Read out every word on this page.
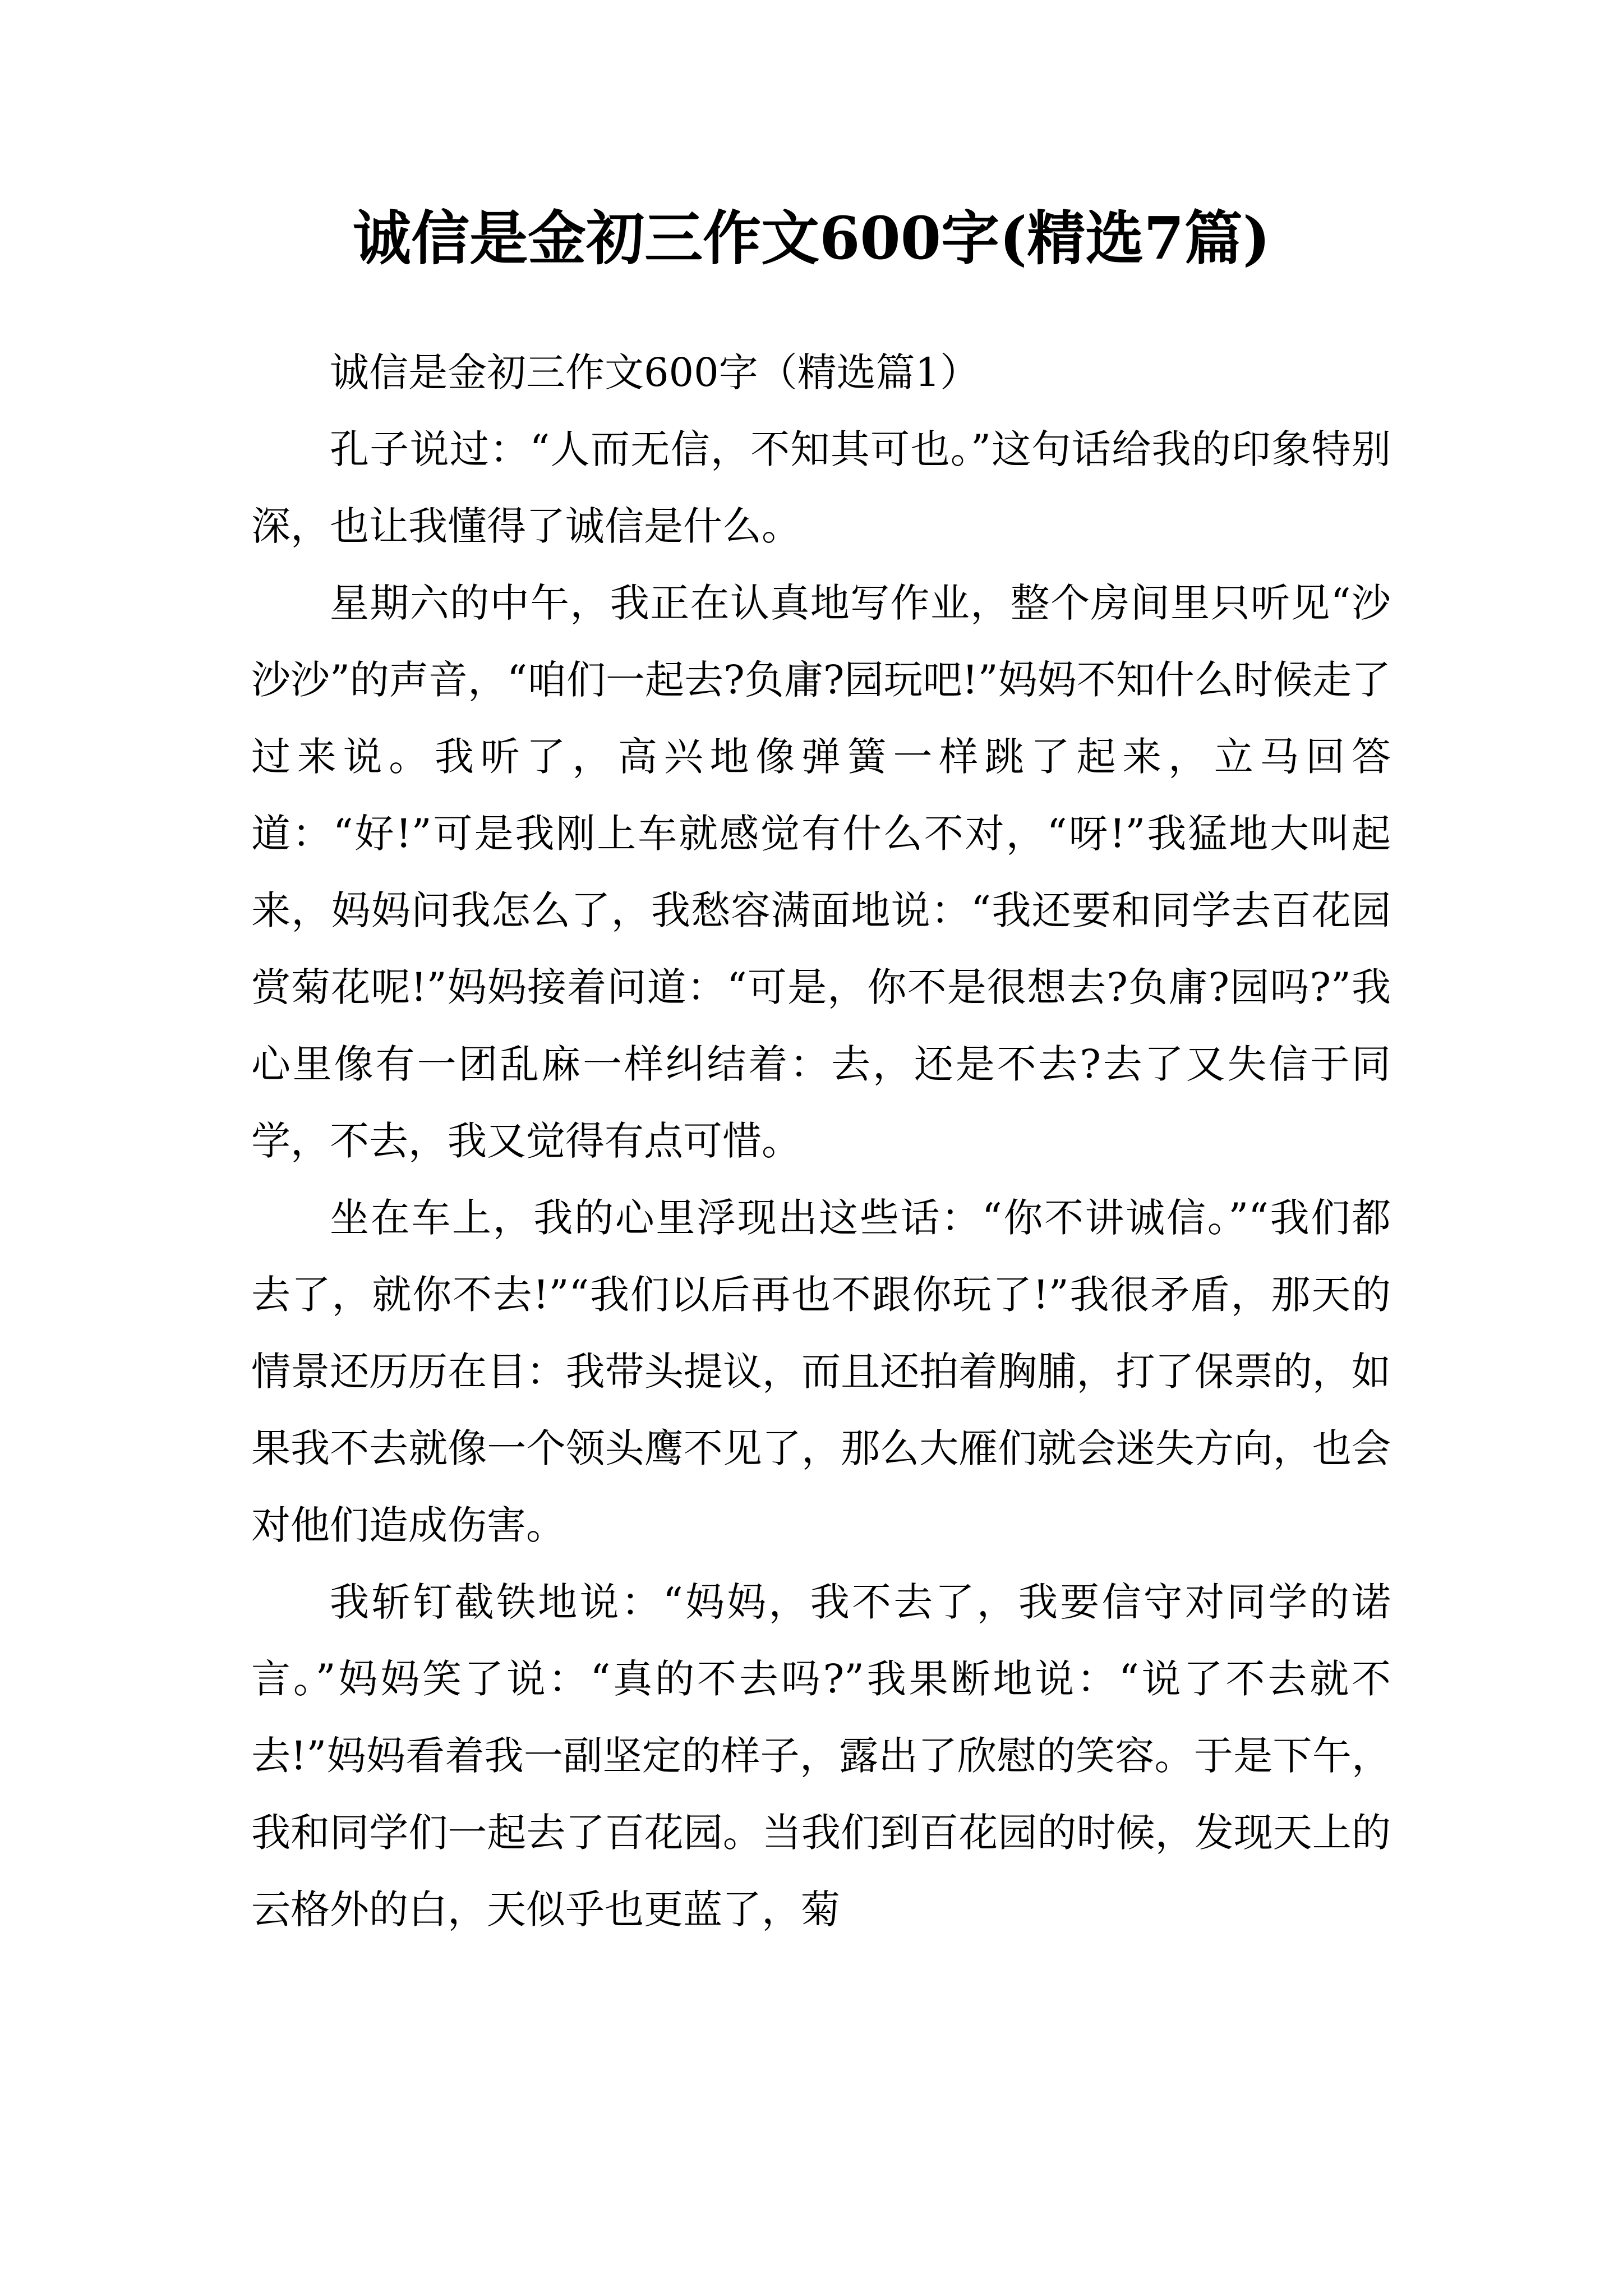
诚信是金初三作文600字(精选7篇)

诚信是金初三作文600字（精选篇1）

孔子说过：“人而无信，不知其可也。”这句话给我的印象特别深，也让我懂得了诚信是什么。

星期六的中午，我正在认真地写作业，整个房间里只听见“沙沙沙”的声音，“咱们一起去?负庸?园玩吧!”妈妈不知什么时候走了过来说。我听了，高兴地像弹簧一样跳了起来，立马回答道：“好!”可是我刚上车就感觉有什么不对，“呀!”我猛地大叫起来，妈妈问我怎么了，我愁容满面地说：“我还要和同学去百花园赏菊花呢!”妈妈接着问道：“可是，你不是很想去?负庸?园吗?”我心里像有一团乱麻一样纠结着：去，还是不去?去了又失信于同学，不去，我又觉得有点可惜。

坐在车上，我的心里浮现出这些话：“你不讲诚信。”“我们都去了，就你不去!”“我们以后再也不跟你玩了!”我很矛盾，那天的情景还历历在目：我带头提议，而且还拍着胸脯，打了保票的，如果我不去就像一个领头鹰不见了，那么大雁们就会迷失方向，也会对他们造成伤害。

我斩钉截铁地说：“妈妈，我不去了，我要信守对同学的诺言。”妈妈笑了说：“真的不去吗?”我果断地说：“说了不去就不去!”妈妈看着我一副坚定的样子，露出了欣慰的笑容。于是下午，我和同学们一起去了百花园。当我们到百花园的时候，发现天上的云格外的白，天似乎也更蓝了，菊
